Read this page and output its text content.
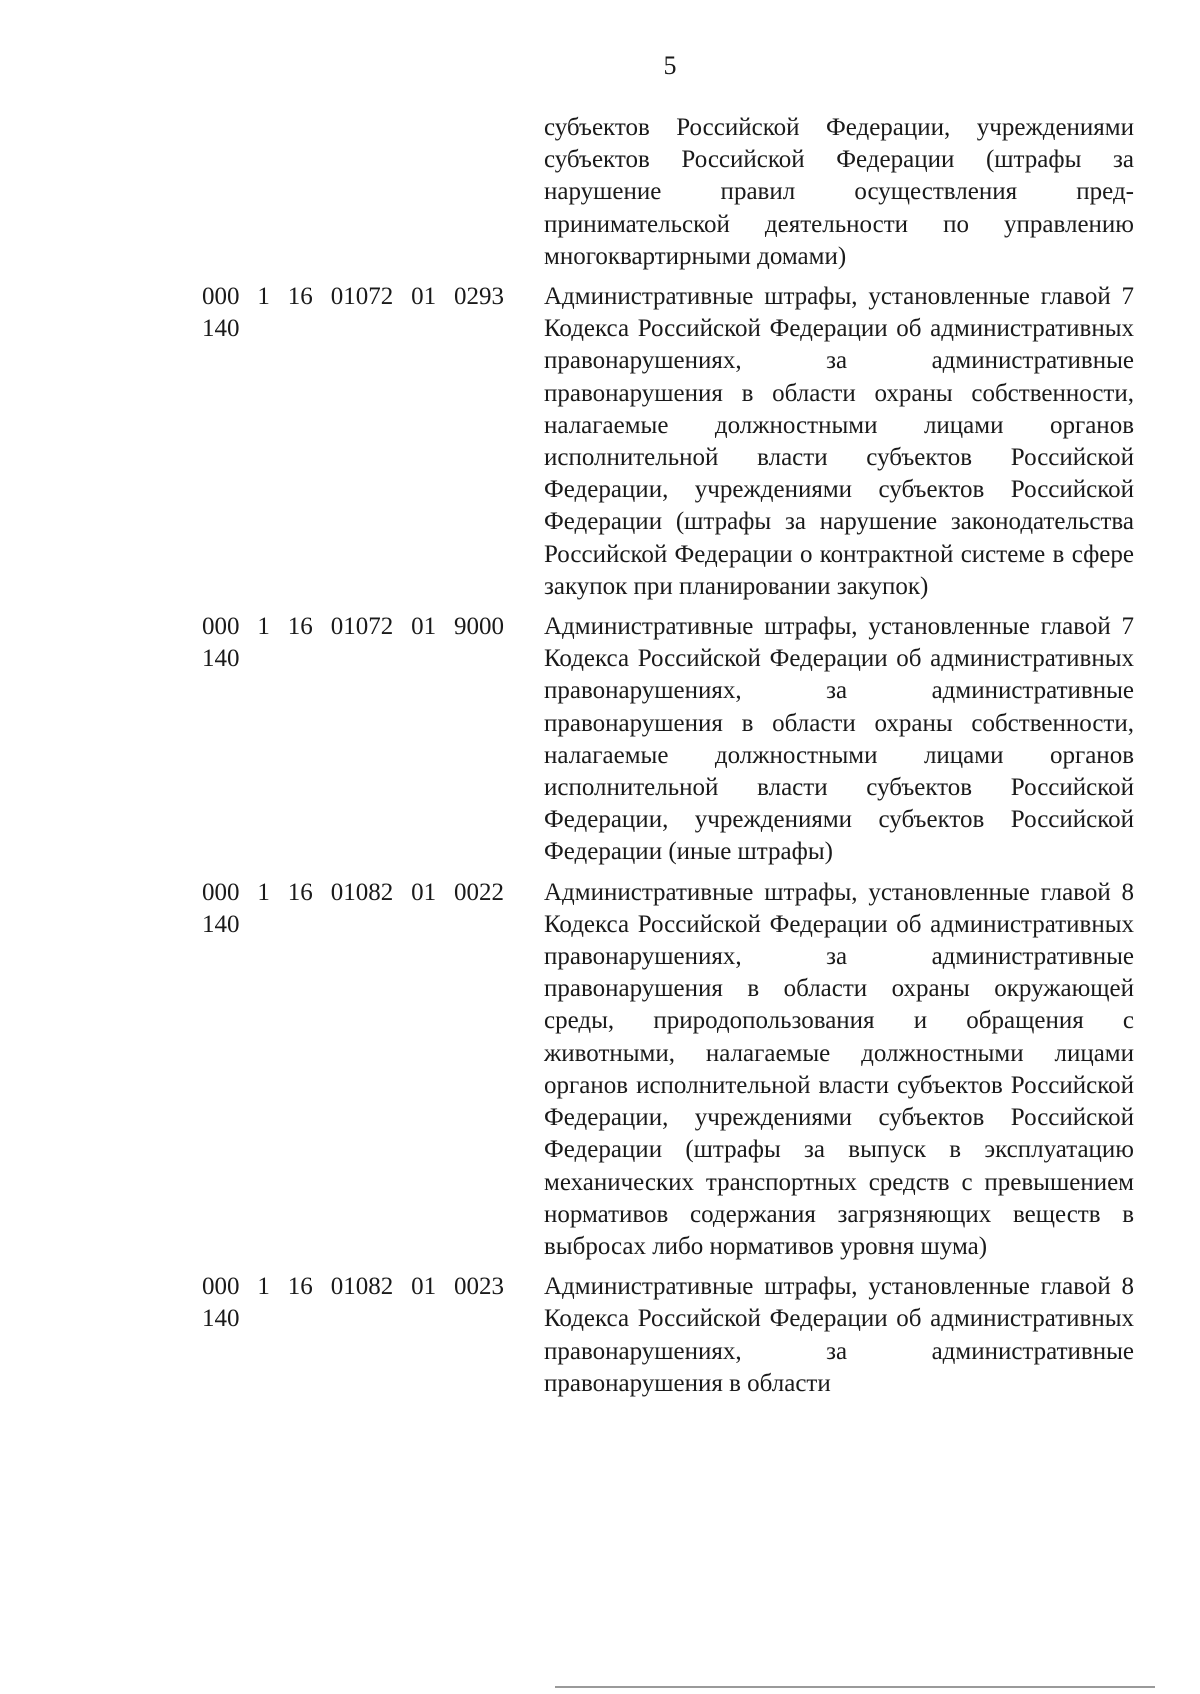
5
субъектов Российской Федерации, учреждениями субъектов Российской Федерации (штрафы за нарушение правил осуществления предпринимательской деятельности по управлению многоквартирными домами)
000 1 16 01072 01 0293
140
Административные штрафы, установленные главой 7 Кодекса Российской Федерации об административных правонарушениях, за административные правонарушения в области охраны собственности, налагаемые должностными лицами органов исполнительной власти субъектов Российской Федерации, учреждениями субъектов Российской Федерации (штрафы за нарушение законодательства Российской Федерации о контрактной системе в сфере закупок при планировании закупок)
000 1 16 01072 01 9000
140
Административные штрафы, установленные главой 7 Кодекса Российской Федерации об административных правонарушениях, за административные правонарушения в области охраны собственности, налагаемые должностными лицами органов исполнительной власти субъектов Российской Федерации, учреждениями субъектов Российской Федерации (иные штрафы)
000 1 16 01082 01 0022
140
Административные штрафы, установленные главой 8 Кодекса Российской Федерации об административных правонарушениях, за административные правонарушения в области охраны окружающей среды, природопользования и обращения с животными, налагаемые должностными лицами органов исполнительной власти субъектов Российской Федерации, учреждениями субъектов Российской Федерации (штрафы за выпуск в эксплуатацию механических транспортных средств с превышением нормативов содержания загрязняющих веществ в выбросах либо нормативов уровня шума)
000 1 16 01082 01 0023
140
Административные штрафы, установленные главой 8 Кодекса Российской Федерации об административных правонарушениях, за административные правонарушения в области
